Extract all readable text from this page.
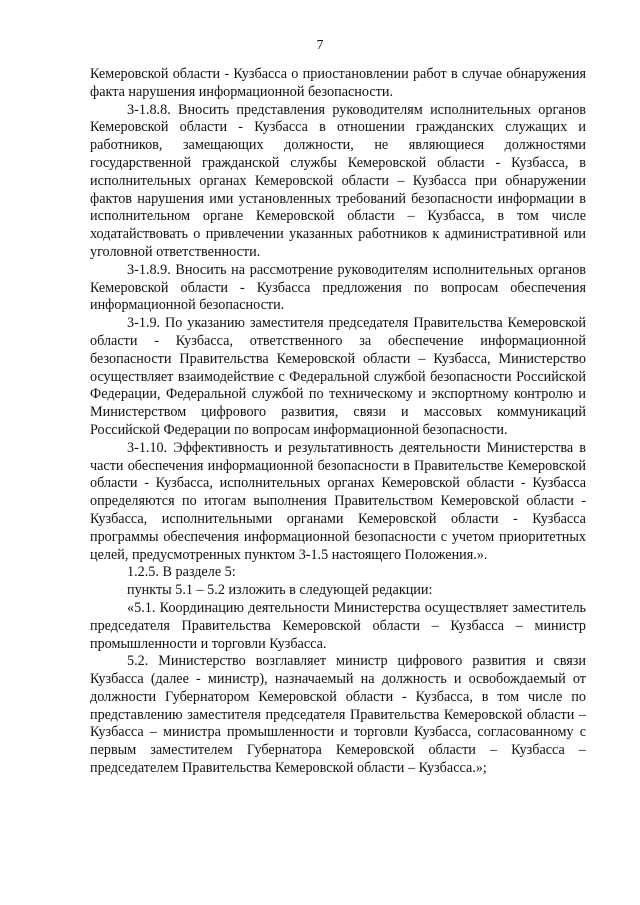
7

Кемеровской области - Кузбасса о приостановлении работ в случае обнаружения факта нарушения информационной безопасности.

3-1.8.8. Вносить представления руководителям исполнительных органов Кемеровской области - Кузбасса в отношении гражданских служащих и работников, замещающих должности, не являющиеся должностями государственной гражданской службы Кемеровской области - Кузбасса, в исполнительных органах Кемеровской области – Кузбасса при обнаружении фактов нарушения ими установленных требований безопасности информации в исполнительном органе Кемеровской области – Кузбасса, в том числе ходатайствовать о привлечении указанных работников к административной или уголовной ответственности.

3-1.8.9. Вносить на рассмотрение руководителям исполнительных органов Кемеровской области - Кузбасса предложения по вопросам обеспечения информационной безопасности.

3-1.9. По указанию заместителя председателя Правительства Кемеровской области - Кузбасса, ответственного за обеспечение информационной безопасности Правительства Кемеровской области – Кузбасса, Министерство осуществляет взаимодействие с Федеральной службой безопасности Российской Федерации, Федеральной службой по техническому и экспортному контролю и Министерством цифрового развития, связи и массовых коммуникаций Российской Федерации по вопросам информационной безопасности.

3-1.10. Эффективность и результативность деятельности Министерства в части обеспечения информационной безопасности в Правительстве Кемеровской области - Кузбасса, исполнительных органах Кемеровской области - Кузбасса определяются по итогам выполнения Правительством Кемеровской области - Кузбасса, исполнительными органами Кемеровской области - Кузбасса программы обеспечения информационной безопасности с учетом приоритетных целей, предусмотренных пунктом 3-1.5 настоящего Положения.».

1.2.5. В разделе 5:

пункты 5.1 – 5.2 изложить в следующей редакции:

«5.1. Координацию деятельности Министерства осуществляет заместитель председателя Правительства Кемеровской области – Кузбасса – министр промышленности и торговли Кузбасса.

5.2. Министерство возглавляет министр цифрового развития и связи Кузбасса (далее - министр), назначаемый на должность и освобождаемый от должности Губернатором Кемеровской области - Кузбасса, в том числе по представлению заместителя председателя Правительства Кемеровской области – Кузбасса – министра промышленности и торговли Кузбасса, согласованному с первым заместителем Губернатора Кемеровской области – Кузбасса – председателем Правительства Кемеровской области – Кузбасса.»;
